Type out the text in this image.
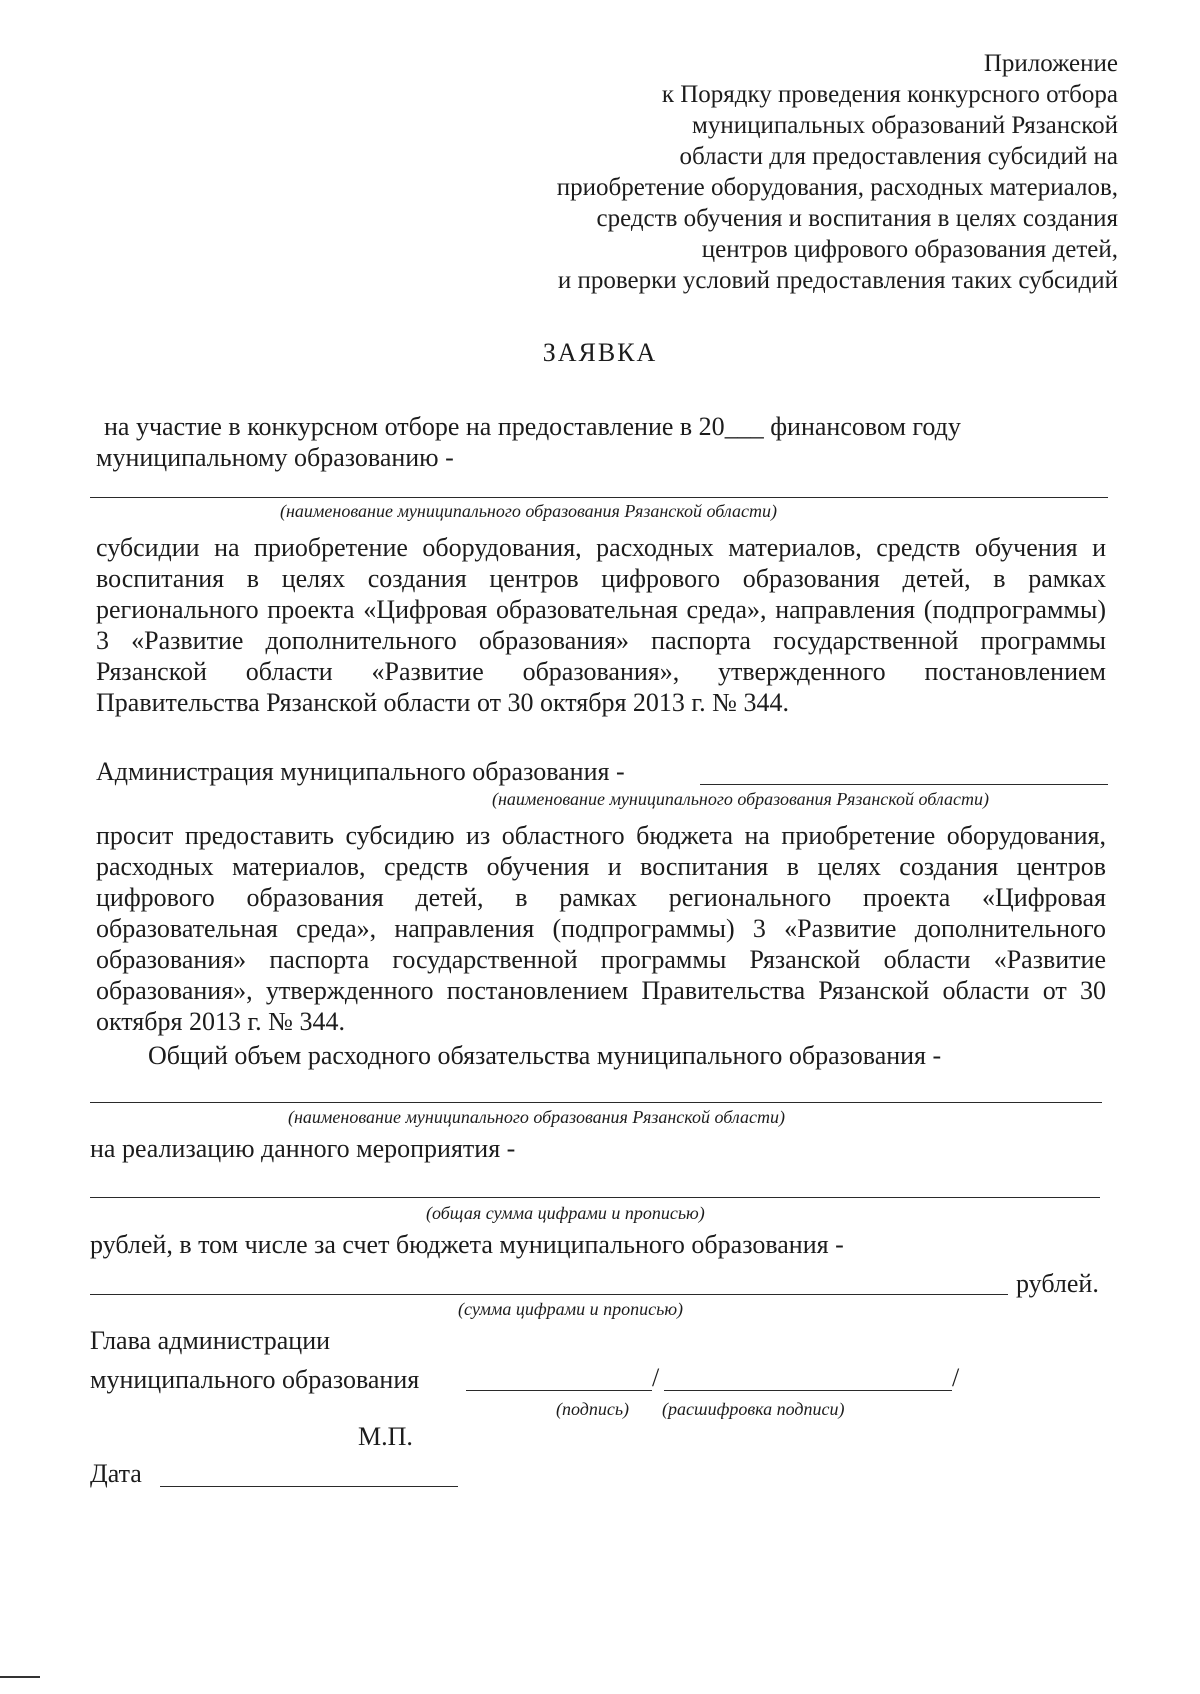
Приложение
к Порядку проведения конкурсного отбора
муниципальных образований Рязанской
области для предоставления субсидий на
приобретение оборудования, расходных материалов,
средств обучения и воспитания в целях создания
центров цифрового образования детей,
и проверки условий предоставления таких субсидий
ЗАЯВКА
на участие в конкурсном отборе на предоставление в 20___ финансовом году
муниципальному образованию -
(наименование муниципального образования Рязанской области)
субсидии на приобретение оборудования, расходных материалов, средств обучения и воспитания в целях создания центров цифрового образования детей, в рамках регионального проекта «Цифровая образовательная среда», направления (подпрограммы) 3 «Развитие дополнительного образования» паспорта государственной программы Рязанской области «Развитие образования», утвержденного постановлением Правительства Рязанской области от 30 октября 2013 г. № 344.
Администрация муниципального образования -
(наименование муниципального образования Рязанской области)
просит предоставить субсидию из областного бюджета на приобретение оборудования, расходных материалов, средств обучения и воспитания в целях создания центров цифрового образования детей, в рамках регионального проекта «Цифровая образовательная среда», направления (подпрограммы) 3 «Развитие дополнительного образования» паспорта государственной программы Рязанской области «Развитие образования», утвержденного постановлением Правительства Рязанской области от 30 октября 2013 г. № 344.
Общий объем расходного обязательства муниципального образования -
(наименование муниципального образования Рязанской области)
на реализацию данного мероприятия -
(общая сумма цифрами и прописью)
рублей, в том числе за счет бюджета муниципального образования -
рублей.
(сумма цифрами и прописью)
Глава администрации
муниципального образования	/	/
(подпись) (расшифровка подписи)
М.П.
Дата
